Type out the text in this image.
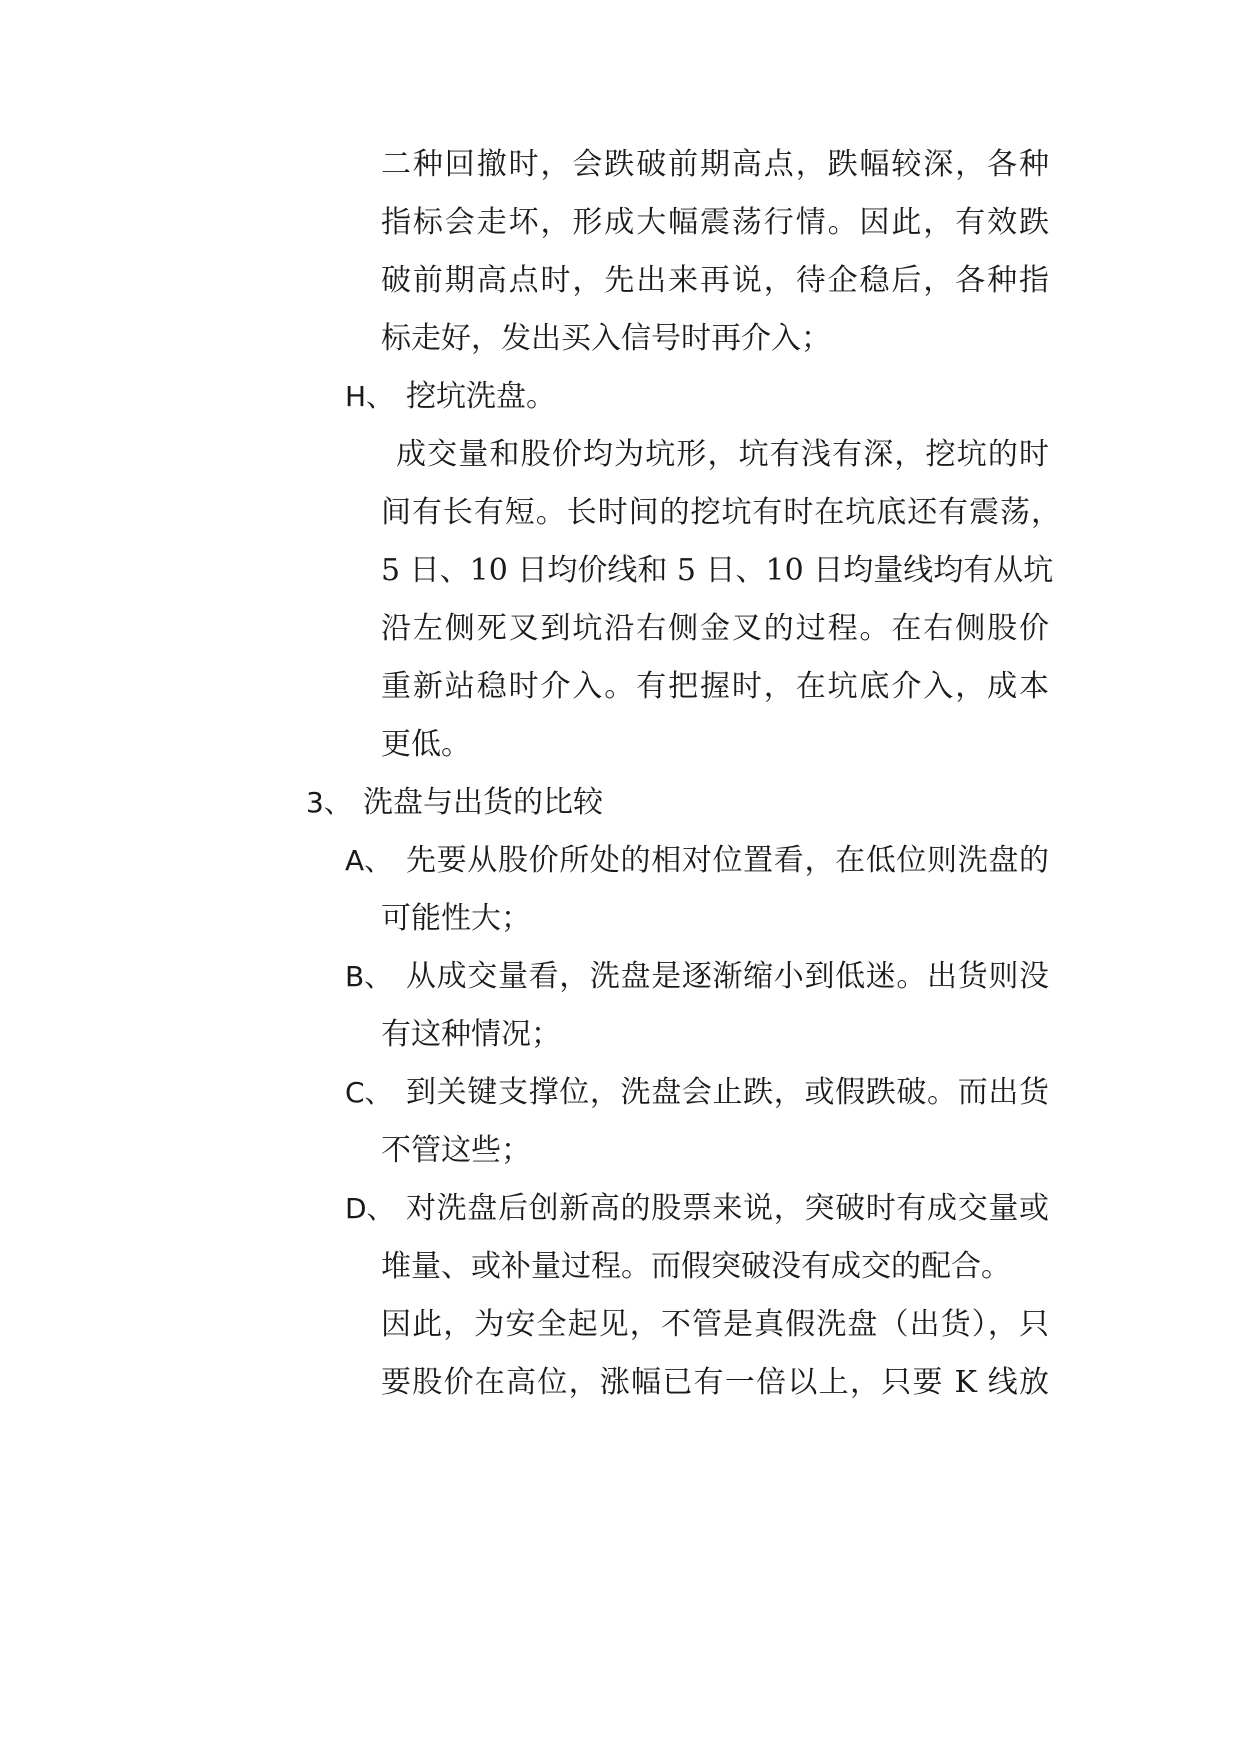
二种回撤时，会跌破前期高点，跌幅较深，各种
指标会走坏，形成大幅震荡行情。因此，有效跌
破前期高点时，先出来再说，待企稳后，各种指
标走好，发出买入信号时再介入；
H、 挖坑洗盘。
成交量和股价均为坑形，坑有浅有深，挖坑的时
间有长有短。长时间的挖坑有时在坑底还有震荡，
5 日、10 日均价线和 5 日、10 日均量线均有从坑
沿左侧死叉到坑沿右侧金叉的过程。在右侧股价
重新站稳时介入。有把握时，在坑底介入，成本
更低。
3、 洗盘与出货的比较
A、 先要从股价所处的相对位置看，在低位则洗盘的
可能性大；
B、 从成交量看，洗盘是逐渐缩小到低迷。出货则没
有这种情况；
C、 到关键支撑位，洗盘会止跌，或假跌破。而出货
不管这些；
D、 对洗盘后创新高的股票来说，突破时有成交量或
堆量、或补量过程。而假突破没有成交的配合。
因此，为安全起见，不管是真假洗盘（出货），只
要股价在高位，涨幅已有一倍以上，只要 K 线放
